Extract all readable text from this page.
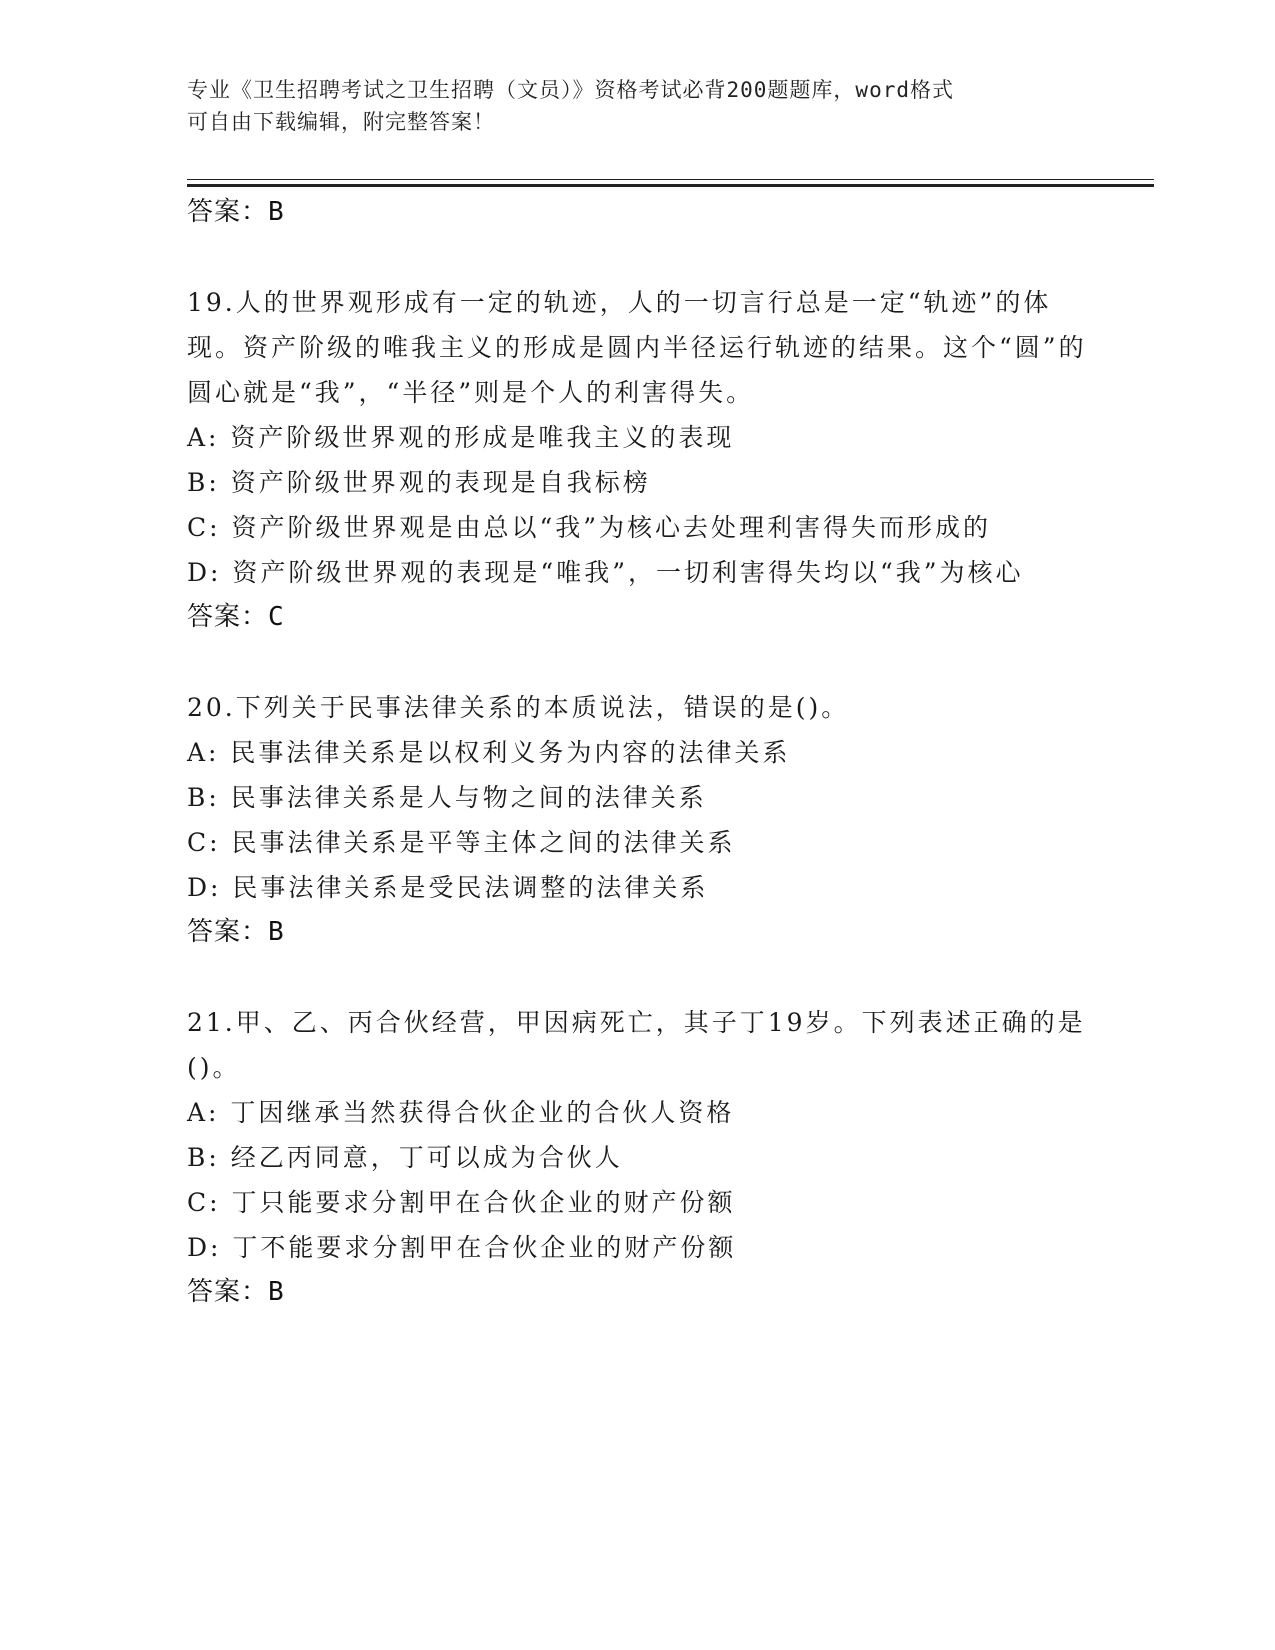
专业《卫生招聘考试之卫生招聘（文员）》资格考试必背200题题库，word格式
可自由下载编辑，附完整答案！
答案：B
19.人的世界观形成有一定的轨迹，人的一切言行总是一定“轨迹”的体现。资产阶级的唯我主义的形成是圆内半径运行轨迹的结果。这个“圆”的圆心就是“我”，“半径”则是个人的利害得失。
A: 资产阶级世界观的形成是唯我主义的表现
B: 资产阶级世界观的表现是自我标榜
C: 资产阶级世界观是由总以“我”为核心去处理利害得失而形成的
D: 资产阶级世界观的表现是“唯我”，一切利害得失均以“我”为核心
答案：C
20.下列关于民事法律关系的本质说法，错误的是()。
A: 民事法律关系是以权利义务为内容的法律关系
B: 民事法律关系是人与物之间的法律关系
C: 民事法律关系是平等主体之间的法律关系
D: 民事法律关系是受民法调整的法律关系
答案：B
21.甲、乙、丙合伙经营，甲因病死亡，其子丁19岁。下列表述正确的是()。
A: 丁因继承当然获得合伙企业的合伙人资格
B: 经乙丙同意，丁可以成为合伙人
C: 丁只能要求分割甲在合伙企业的财产份额
D: 丁不能要求分割甲在合伙企业的财产份额
答案：B
